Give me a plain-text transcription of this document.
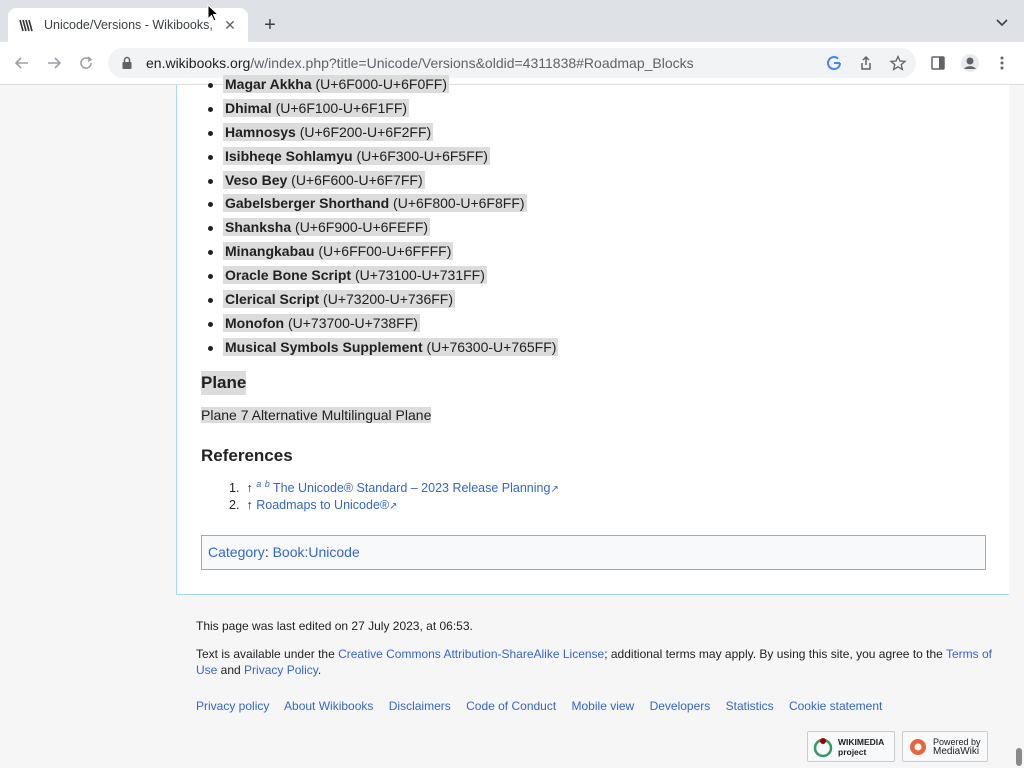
Unicode/Versions - Wikibooks, ✕	+
en.wikibooks.org/w/index.php?title=Unicode/Versions&oldid=4311838#Roadmap_Blocks
Magar Akkha (U+6F000-U+6F0FF)
Dhimal (U+6F100-U+6F1FF)
Hamnosys (U+6F200-U+6F2FF)
Isibheqe Sohlamyu (U+6F300-U+6F5FF)
Veso Bey (U+6F600-U+6F7FF)
Gabelsberger Shorthand (U+6F800-U+6F8FF)
Shanksha (U+6F900-U+6FEFF)
Minangkabau (U+6FF00-U+6FFFF)
Oracle Bone Script (U+73100-U+731FF)
Clerical Script (U+73200-U+736FF)
Monofon (U+73700-U+738FF)
Musical Symbols Supplement (U+76300-U+765FF)
Plane
Plane 7 Alternative Multilingual Plane
References
1. ↑ $^a$ $^b$ The Unicode® Standard – 2023 Release Planning↗
2. ↑ Roadmaps to Unicode®↗
Category: Book:Unicode

This page was last edited on 27 July 2023, at 06:53.

Text is available under the Creative Commons Attribution-ShareAlike License; additional terms may apply. By using this site, you agree to the Terms of Use and Privacy Policy.

Privacy policy About Wikibooks Disclaimers Code of Conduct Mobile view Developers Statistics Cookie statement
WIKIMEDIA project
Powered by
MediaWiki
